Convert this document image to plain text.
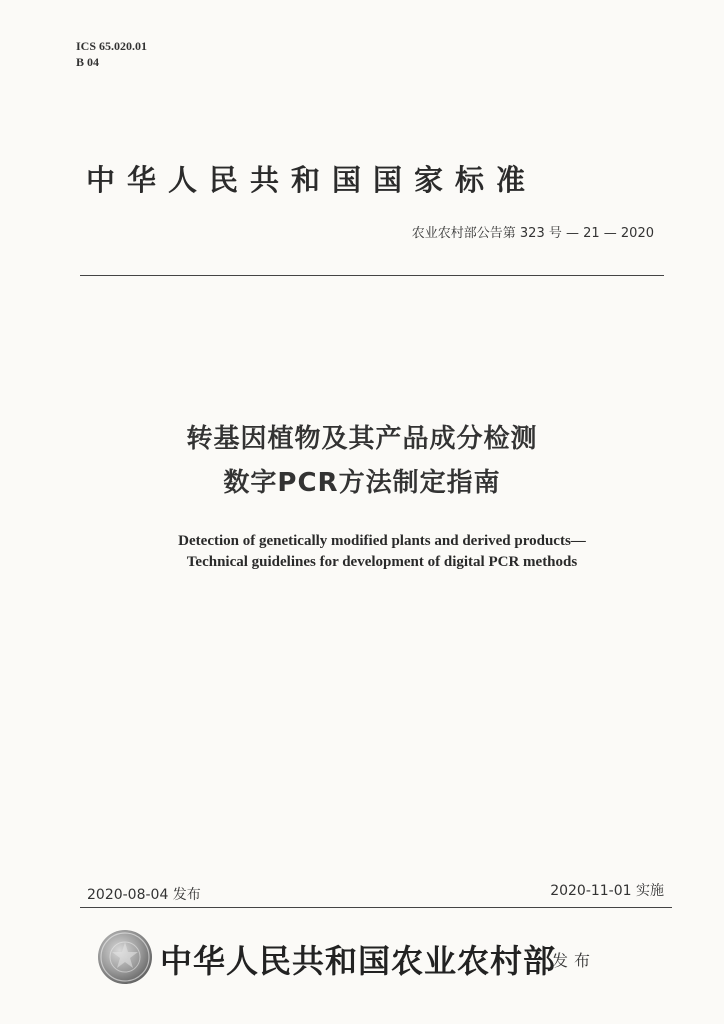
ICS 65.020.01
B 04
中华人民共和国国家标准
农业农村部公告第 323 号 — 21 — 2020
转基因植物及其产品成分检测
数字PCR方法制定指南
Detection of genetically modified plants and derived products—
Technical guidelines for development of digital PCR methods
2020-08-04 发布	2020-11-01 实施
中华人民共和国农业农村部
发布
